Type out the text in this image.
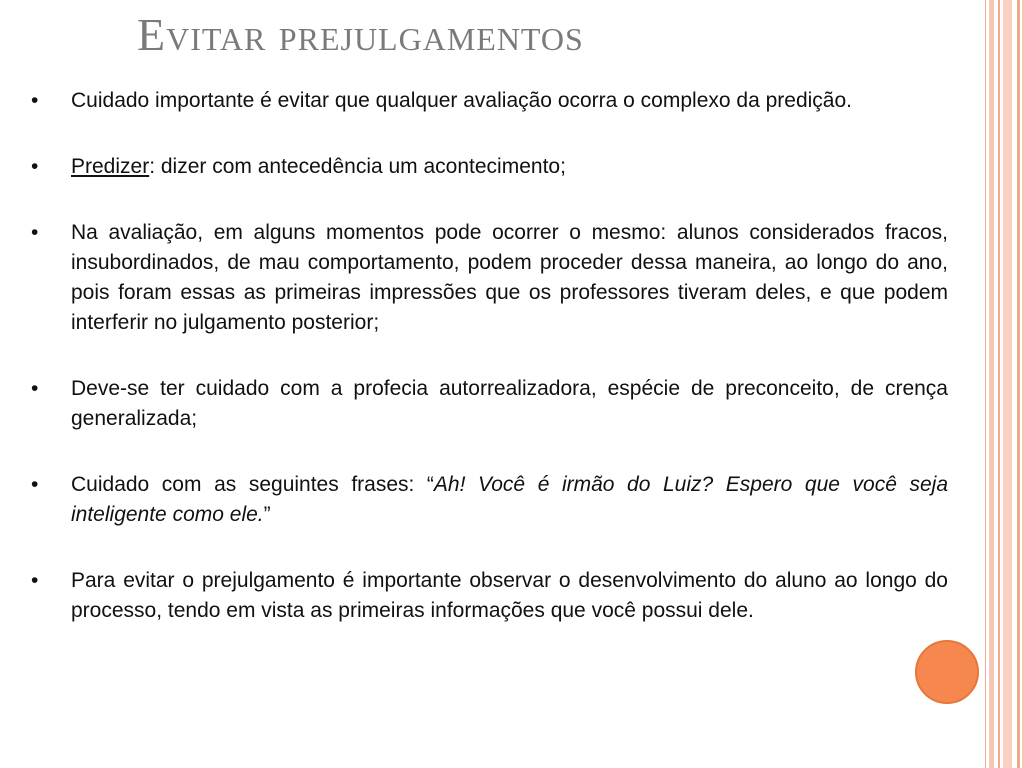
Evitar prejulgamentos
• Cuidado importante é evitar que qualquer avaliação ocorra o complexo da predição.
• Predizer: dizer com antecedência um acontecimento;
• Na avaliação, em alguns momentos pode ocorrer o mesmo: alunos considerados fracos, insubordinados, de mau comportamento, podem proceder dessa maneira, ao longo do ano, pois foram essas as primeiras impressões que os professores tiveram deles, e que podem interferir no julgamento posterior;
• Deve-se ter cuidado com a profecia autorrealizadora, espécie de preconceito, de crença generalizada;
• Cuidado com as seguintes frases: “Ah! Você é irmão do Luiz? Espero que você seja inteligente como ele.”
• Para evitar o prejulgamento é importante observar o desenvolvimento do aluno ao longo do processo, tendo em vista as primeiras informações que você possui dele.
